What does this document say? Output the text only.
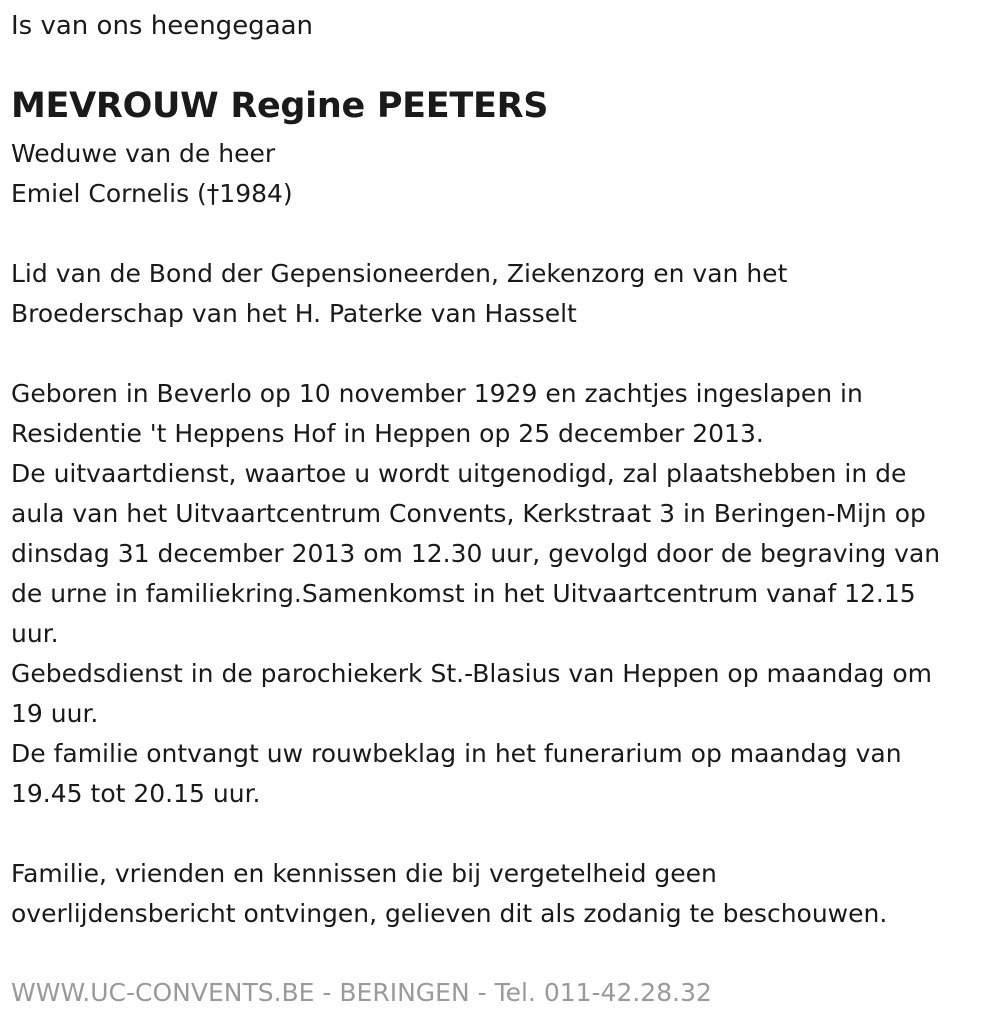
Is van ons heengegaan
MEVROUW Regine PEETERS
Weduwe van de heer
Emiel Cornelis (†1984)
Lid van de Bond der Gepensioneerden, Ziekenzorg en van het
Broederschap van het H. Paterke van Hasselt
Geboren in Beverlo op 10 november 1929 en zachtjes ingeslapen in
Residentie 't Heppens Hof in Heppen op 25 december 2013.
De uitvaartdienst, waartoe u wordt uitgenodigd, zal plaatshebben in de
aula van het Uitvaartcentrum Convents, Kerkstraat 3 in Beringen-Mijn op
dinsdag 31 december 2013 om 12.30 uur, gevolgd door de begraving van
de urne in familiekring.Samenkomst in het Uitvaartcentrum vanaf 12.15
uur.
Gebedsdienst in de parochiekerk St.-Blasius van Heppen op maandag om
19 uur.
De familie ontvangt uw rouwbeklag in het funerarium op maandag van
19.45 tot 20.15 uur.
Familie, vrienden en kennissen die bij vergetelheid geen
overlijdensbericht ontvingen, gelieven dit als zodanig te beschouwen.
WWW.UC-CONVENTS.BE - BERINGEN - Tel. 011-42.28.32
